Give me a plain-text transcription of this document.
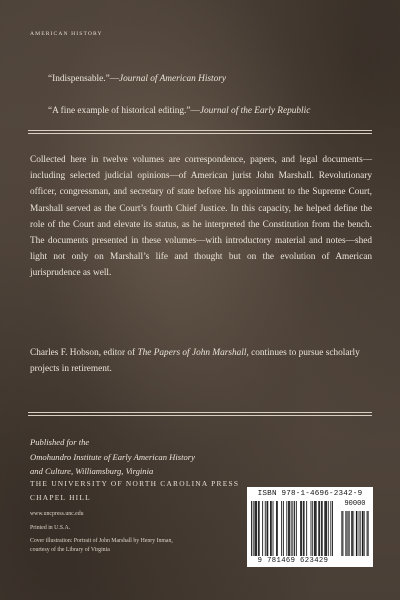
AMERICAN HISTORY
“Indispensable.”—Journal of American History
“A fine example of historical editing.”—Journal of the Early Republic

Collected here in twelve volumes are correspondence, papers, and legal documents—including selected judicial opinions—of American jurist John Marshall. Revolutionary officer, congressman, and secretary of state before his appointment to the Supreme Court, Marshall served as the Court’s fourth Chief Justice. In this capacity, he helped define the role of the Court and elevate its status, as he interpreted the Constitution from the bench. The documents presented in these volumes—with introductory material and notes—shed light not only on Marshall’s life and thought but on the evolution of American jurisprudence as well.

Charles F. Hobson, editor of The Papers of John Marshall, continues to pursue scholarly projects in retirement.

Published for the
Omohundro Institute of Early American History
and Culture, Williamsburg, Virginia
THE UNIVERSITY OF NORTH CAROLINA PRESS
CHAPEL HILL
www.uncpress.unc.edu
Printed in U.S.A.
Cover illustration: Portrait of John Marshall by Henry Inman,
courtesy of the Library of Virginia
ISBN 978-1-4696-2342-9
90000
9 781469 623429
